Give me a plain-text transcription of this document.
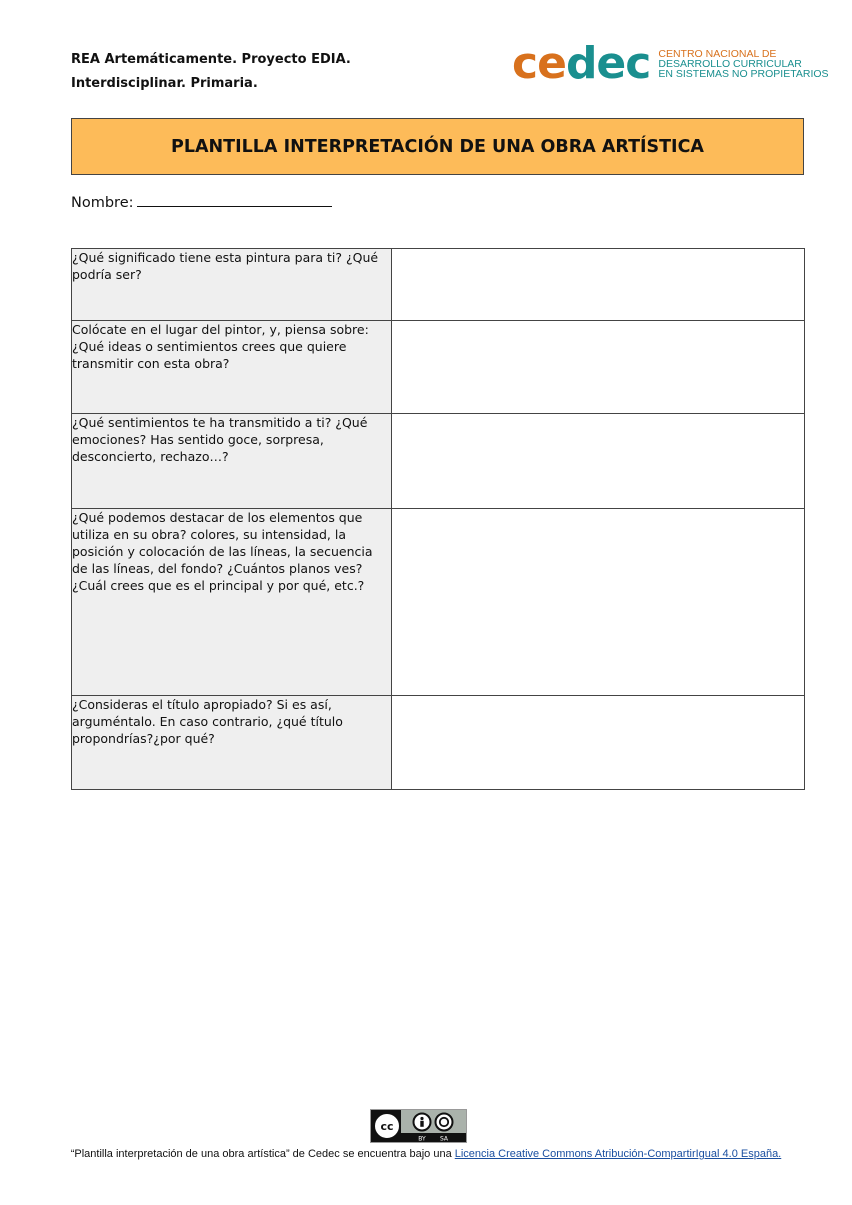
REA Artemáticamente. Proyecto EDIA.
Interdisciplinar. Primaria.	cedec CENTRO NACIONAL DE
DESARROLLO CURRICULAR
EN SISTEMAS NO PROPIETARIOS
PLANTILLA INTERPRETACIÓN DE UNA OBRA ARTÍSTICA
Nombre:
¿Qué significado tiene esta pintura para ti? ¿Qué podría ser?	
Colócate en el lugar del pintor, y, piensa sobre: ¿Qué ideas o sentimientos crees que quiere transmitir con esta obra?	
¿Qué sentimientos te ha transmitido a ti? ¿Qué emociones? Has sentido goce, sorpresa, desconcierto, rechazo…?	
¿Qué podemos destacar de los elementos que utiliza en su obra? colores, su intensidad, la posición y colocación de las líneas, la secuencia de las líneas, del fondo? ¿Cuántos planos ves? ¿Cuál crees que es el principal y por qué, etc.?	
¿Consideras el título apropiado? Si es así, arguméntalo. En caso contrario, ¿qué título propondrías?¿por qué?	
cc
BY SA
“Plantilla interpretación de una obra artística” de Cedec se encuentra bajo una Licencia Creative Commons Atribución-CompartirIgual 4.0 España.
